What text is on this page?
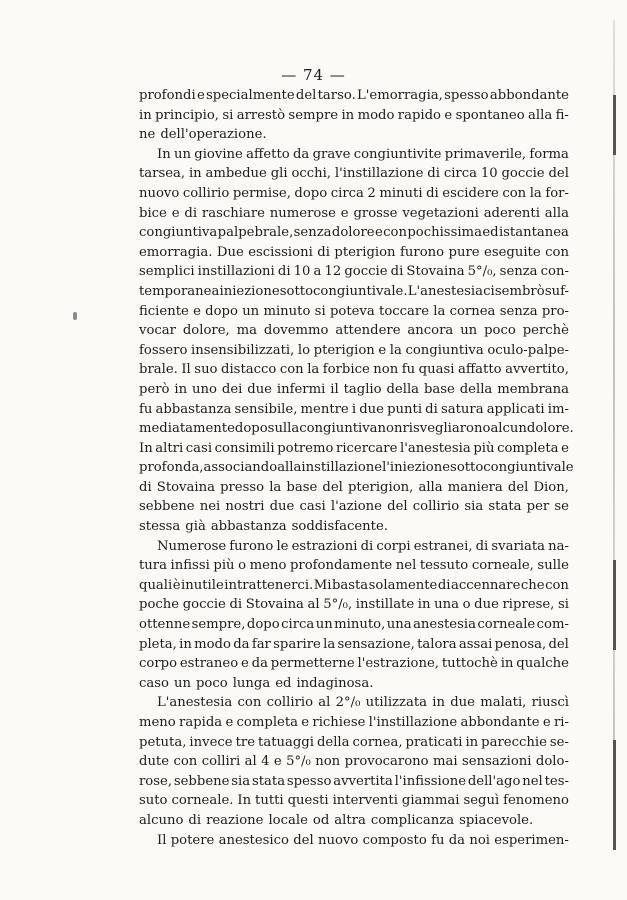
— 74 —
profondi e specialmente del tarso. L'emorragia, spesso abbondante
in principio, si arrestò sempre in modo rapido e spontaneo alla fi-
ne dell'operazione.
In un giovine affetto da grave congiuntivite primaverile, forma
tarsea, in ambedue gli occhi, l'instillazione di circa 10 goccie del
nuovo collirio permise, dopo circa 2 minuti di escidere con la for-
bice e di raschiare numerose e grosse vegetazioni aderenti alla
congiuntiva palpebrale, senza dolore e con pochissima ed istantanea
emorragia. Due escissioni di pterigion furono pure eseguite con
semplici instillazioni di 10 a 12 goccie di Stovaina 5°/₀, senza con-
temporanea iniezione sottocongiuntivale. L'anestesia ci sembrò suf-
ficiente e dopo un minuto si poteva toccare la cornea senza pro-
vocar dolore, ma dovemmo attendere ancora un poco perchè
fossero insensibilizzati, lo pterigion e la congiuntiva oculo-palpe-
brale. Il suo distacco con la forbice non fu quasi affatto avvertito,
però in uno dei due infermi il taglio della base della membrana
fu abbastanza sensibile, mentre i due punti di satura applicati im-
mediatamente dopo sulla congiuntiva non risvegliarono alcun dolore.
In altri casi consimili potremo ricercare l'anestesia più completa e
profonda, associando alla instillazione l'iniezione sottocongiuntivale
di Stovaina presso la base del pterigion, alla maniera del Dion,
sebbene nei nostri due casi l'azione del collirio sia stata per se
stessa già abbastanza soddisfacente.
Numerose furono le estrazioni di corpi estranei, di svariata na-
tura infissi più o meno profondamente nel tessuto corneale, sulle
quali è inutile intrattenerci. Mi basta solamente di accennare che con
poche goccie di Stovaina al 5°/₀, instillate in una o due riprese, si
ottenne sempre, dopo circa un minuto, una anestesia corneale com-
pleta, in modo da far sparire la sensazione, talora assai penosa, del
corpo estraneo e da permetterne l'estrazione, tuttochè in qualche
caso un poco lunga ed indaginosa.
L'anestesia con collirio al 2°/₀ utilizzata in due malati, riuscì
meno rapida e completa e richiese l'instillazione abbondante e ri-
petuta, invece tre tatuaggi della cornea, praticati in parecchie se-
dute con colliri al 4 e 5°/₀ non provocarono mai sensazioni dolo-
rose, sebbene sia stata spesso avvertita l'infissione dell'ago nel tes-
suto corneale. In tutti questi interventi giammai seguì fenomeno
alcuno di reazione locale od altra complicanza spiacevole.
Il potere anestesico del nuovo composto fu da noi esperimen-
